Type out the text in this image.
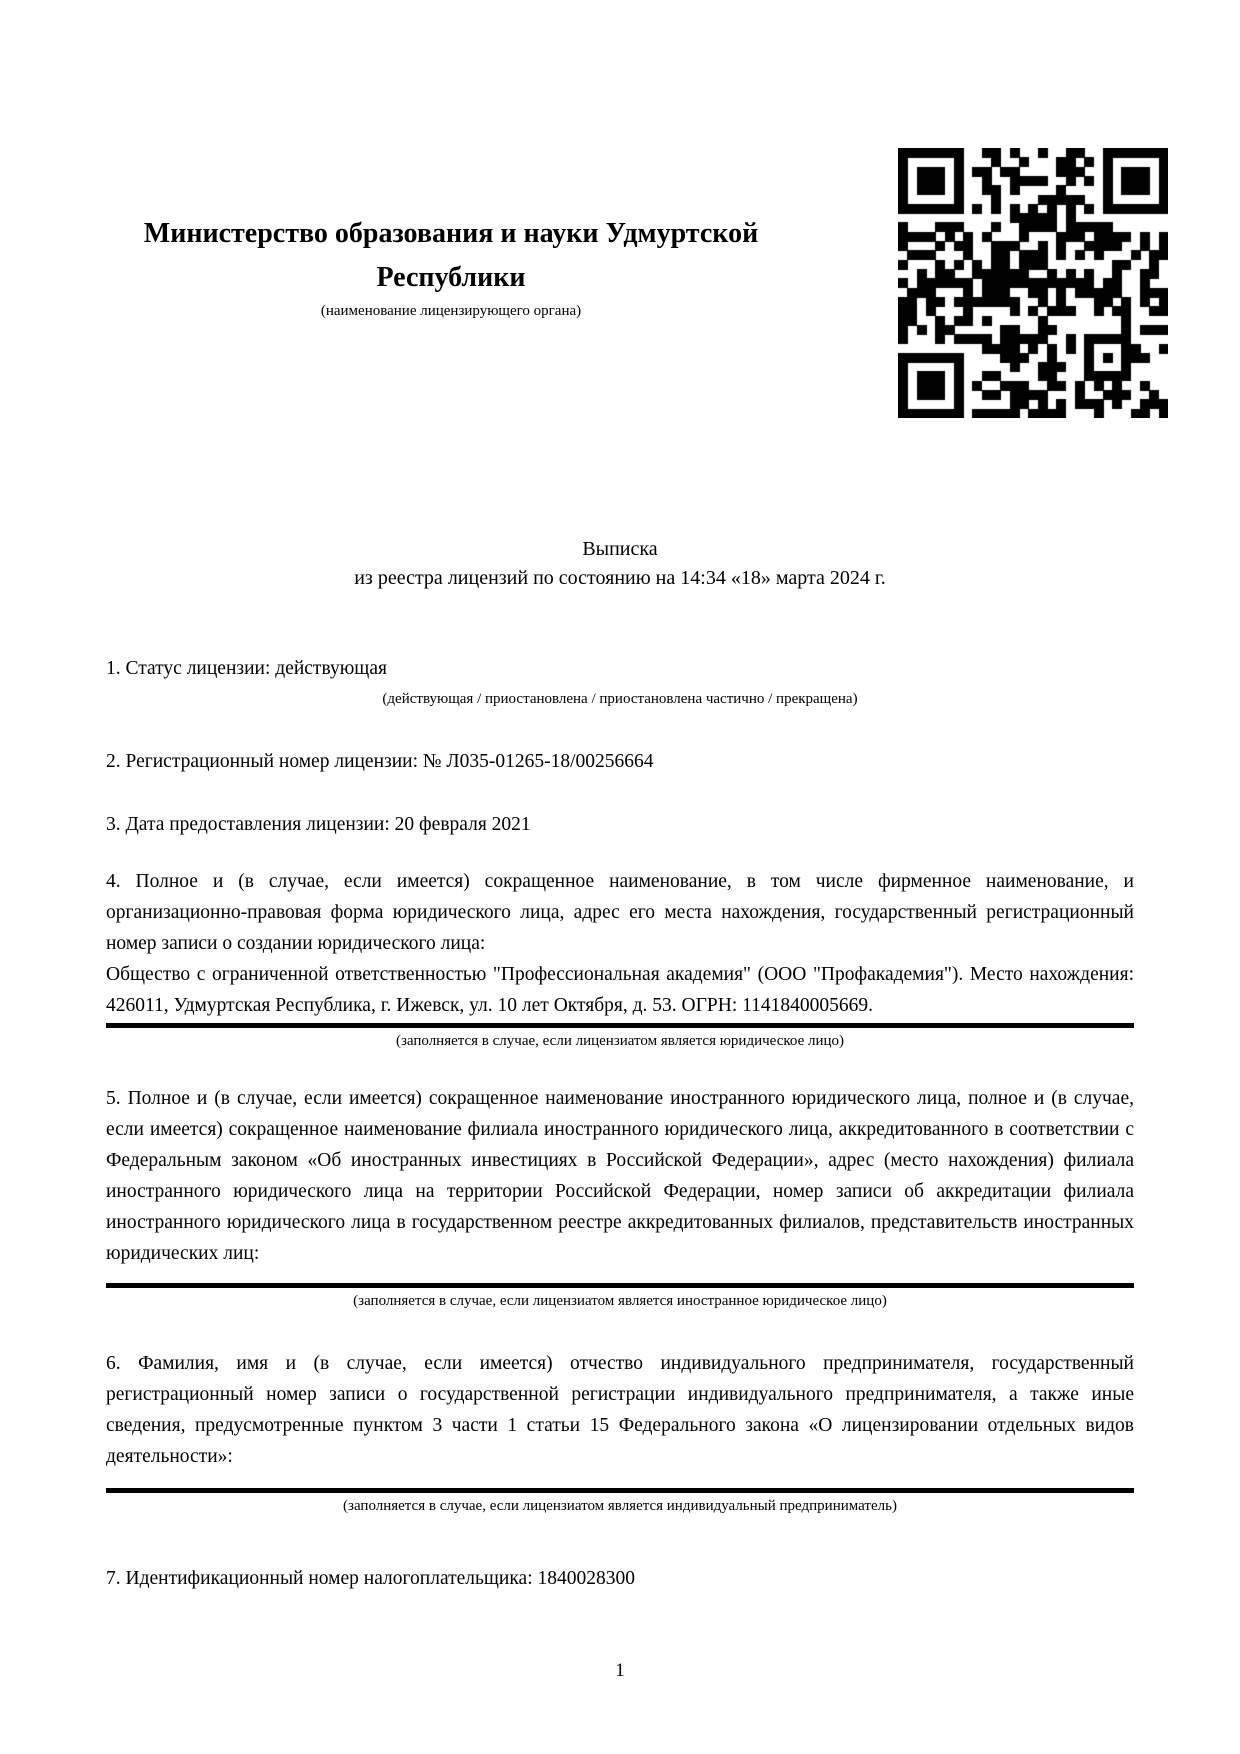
Министерство образования и науки Удмуртской Республики
(наименование лицензирующего органа)
Выписка
из реестра лицензий по состоянию на 14:34 «18» марта 2024 г.
1. Статус лицензии: действующая
(действующая / приостановлена / приостановлена частично / прекращена)
2. Регистрационный номер лицензии: № Л035-01265-18/00256664
3. Дата предоставления лицензии: 20 февраля 2021
4. Полное и (в случае, если имеется) сокращенное наименование, в том числе фирменное наименование, и организационно-правовая форма юридического лица, адрес его места нахождения, государственный регистрационный номер записи о создании юридического лица:
Общество с ограниченной ответственностью "Профессиональная академия" (ООО "Профакадемия"). Место нахождения: 426011, Удмуртская Республика, г. Ижевск, ул. 10 лет Октября, д. 53. ОГРН: 1141840005669.
(заполняется в случае, если лицензиатом является юридическое лицо)
5. Полное и (в случае, если имеется) сокращенное наименование иностранного юридического лица, полное и (в случае, если имеется) сокращенное наименование филиала иностранного юридического лица, аккредитованного в соответствии с Федеральным законом «Об иностранных инвестициях в Российской Федерации», адрес (место нахождения) филиала иностранного юридического лица на территории Российской Федерации, номер записи об аккредитации филиала иностранного юридического лица в государственном реестре аккредитованных филиалов, представительств иностранных юридических лиц:
(заполняется в случае, если лицензиатом является иностранное юридическое лицо)
6. Фамилия, имя и (в случае, если имеется) отчество индивидуального предпринимателя, государственный регистрационный номер записи о государственной регистрации индивидуального предпринимателя, а также иные сведения, предусмотренные пунктом 3 части 1 статьи 15 Федерального закона «О лицензировании отдельных видов деятельности»:
(заполняется в случае, если лицензиатом является индивидуальный предприниматель)
7. Идентификационный номер налогоплательщика: 1840028300
1
